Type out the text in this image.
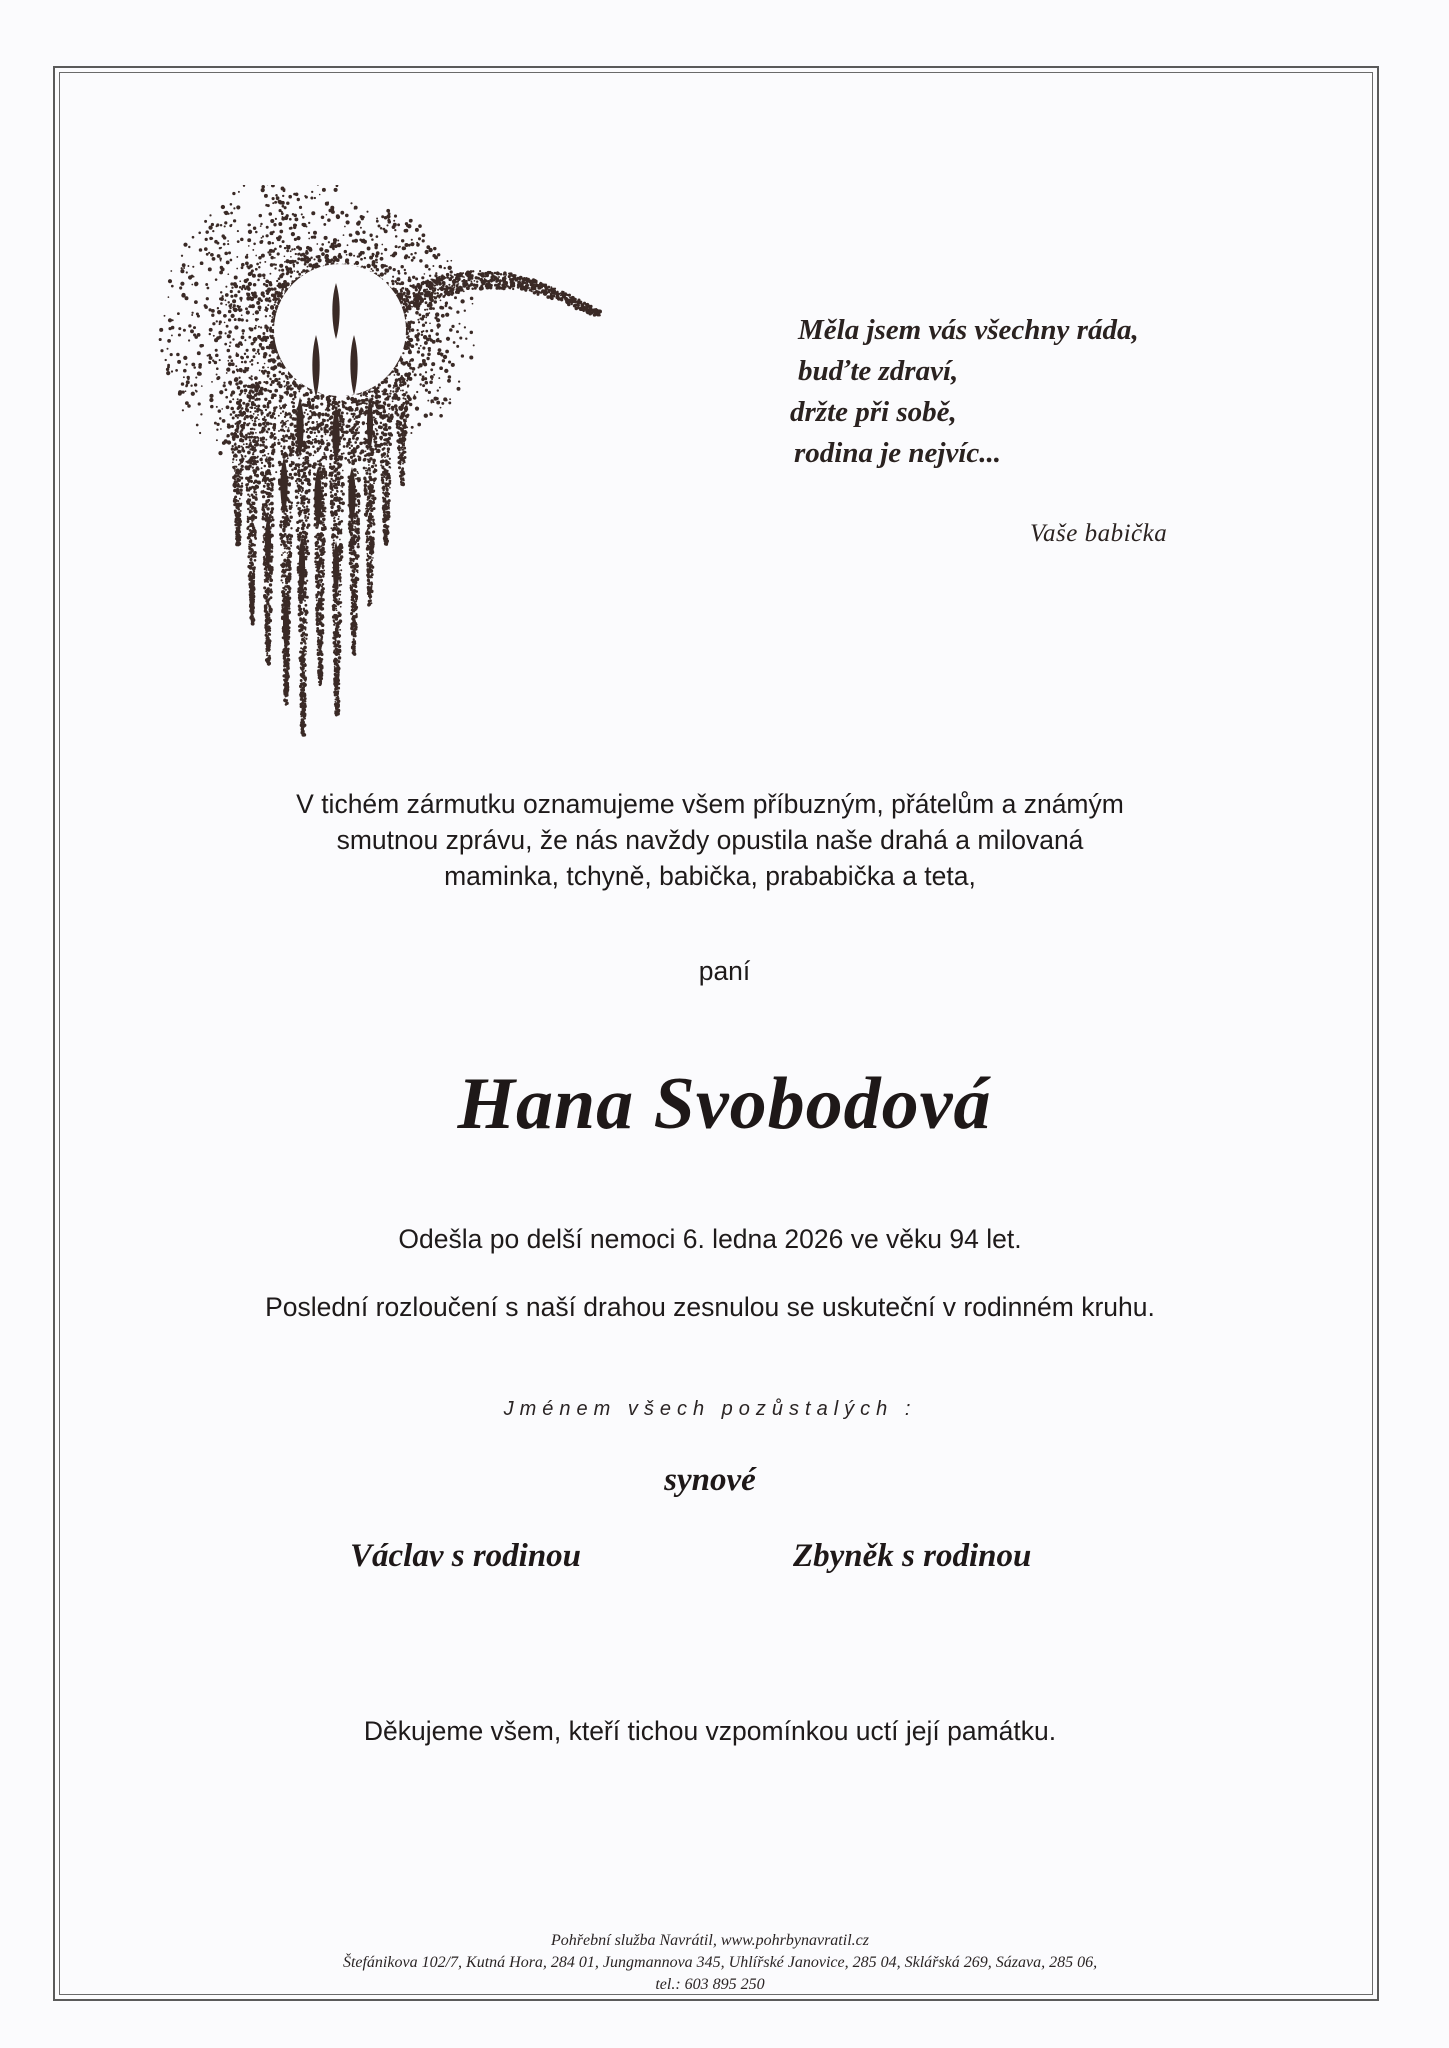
Měla jsem vás všechny ráda,
buďte zdraví,
držte při sobě,
rodina je nejvíc...
Vaše babička
V tichém zármutku oznamujeme všem příbuzným, přátelům a známým
smutnou zprávu, že nás navždy opustila naše drahá a milovaná
maminka, tchyně, babička, prababička a teta,
paní
Hana Svobodová
Odešla po delší nemoci 6. ledna 2026 ve věku 94 let.
Poslední rozloučení s naší drahou zesnulou se uskuteční v rodinném kruhu.
Jménem všech pozůstalých :
synové
Václav s rodinou	Zbyněk s rodinou
Děkujeme všem, kteří tichou vzpomínkou uctí její památku.
Pohřební služba Navrátil, www.pohrbynavratil.cz
Štefánikova 102/7, Kutná Hora, 284 01, Jungmannova 345, Uhlířské Janovice, 285 04, Sklářská 269, Sázava, 285 06,
tel.: 603 895 250
